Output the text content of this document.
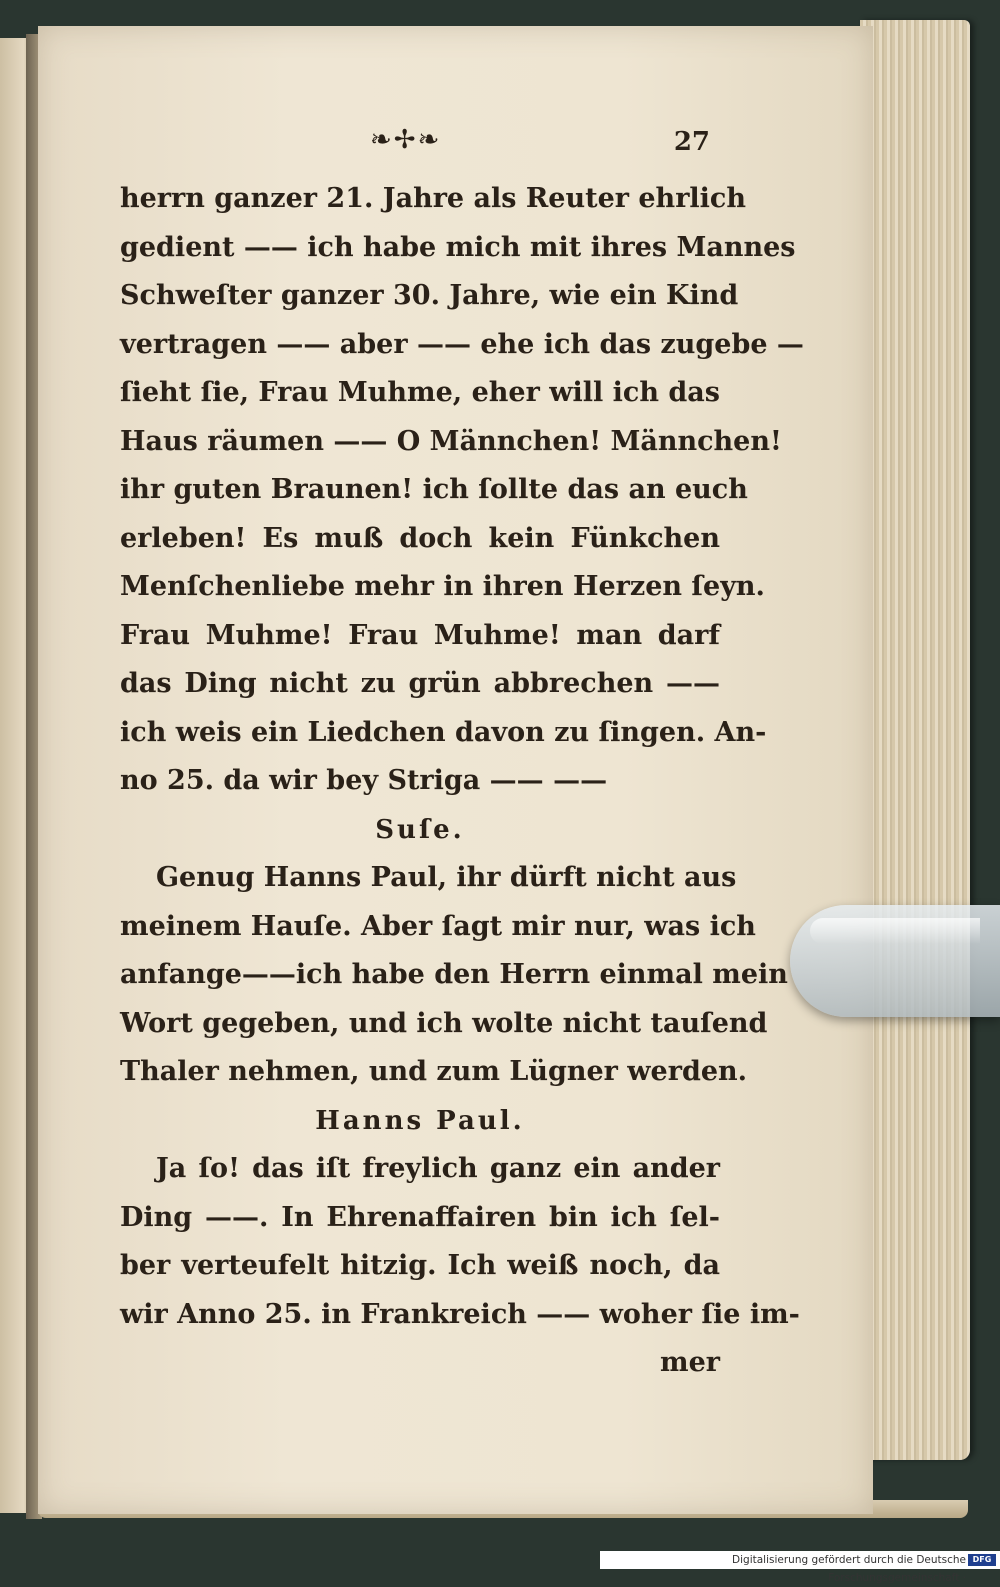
❧✢❧	27
herrn ganzer 21. Jahre als Reuter ehrlich
gedient —— ich habe mich mit ihres Mannes
Schweſter ganzer 30. Jahre, wie ein Kind
vertragen —— aber —— ehe ich das zugebe —
ſieht ſie, Frau Muhme, eher will ich das
Haus räumen —— O Männchen! Männchen!
ihr guten Braunen! ich ſollte das an euch
erleben! Es muß doch kein Fünkchen
Menſchenliebe mehr in ihren Herzen ſeyn.
Frau Muhme! Frau Muhme! man darf
das Ding nicht zu grün abbrechen ——
ich weis ein Liedchen davon zu ſingen. An-
no 25. da wir bey Striga —— ——
Suſe.
Genug Hanns Paul, ihr dürft nicht aus
meinem Hauſe. Aber ſagt mir nur, was ich
anfange——ich habe den Herrn einmal mein
Wort gegeben, und ich wolte nicht tauſend
Thaler nehmen, und zum Lügner werden.
Hanns Paul.
Ja ſo! das iſt freylich ganz ein ander
Ding ——. In Ehrenaffairen bin ich ſel-
ber verteufelt hitzig. Ich weiß noch, da
wir Anno 25. in Frankreich —— woher ſie im-
mer
Digitalisierung gefördert durch die Deutsche Forschungsgemeinschaft ·
DFG
